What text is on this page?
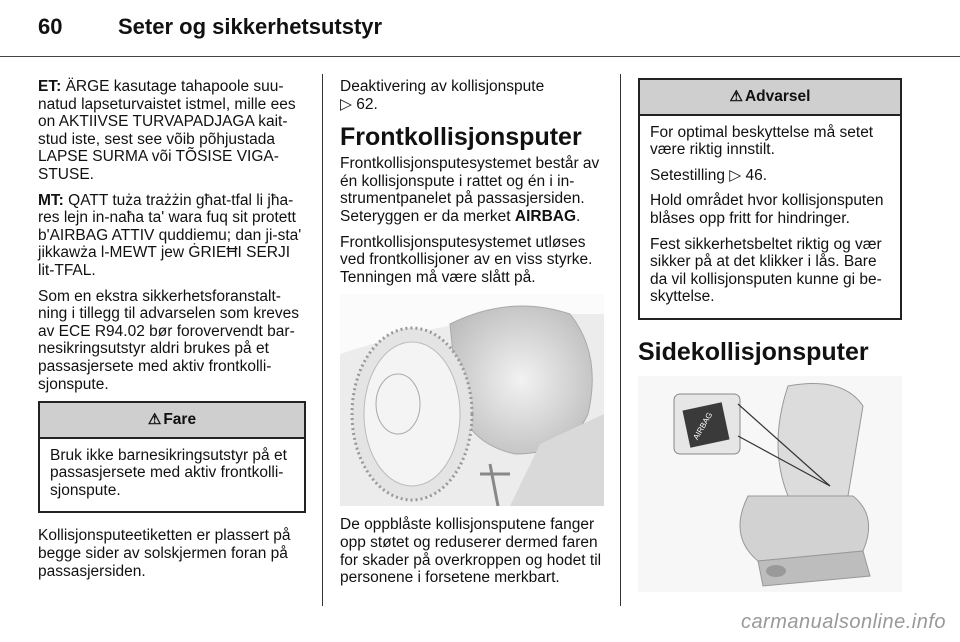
60	Seter og sikkerhetsutstyr

ET: ÄRGE kasutage tahapoole suu-natud lapseturvaistet istmel, mille ees on AKTIIVSE TURVAPADJAGA kait-stud iste, sest see võib põhjustada LAPSE SURMA või TÕSISE VIGA-STUSE.

MT: QATT tuża trażżin għat-tfal li jħa-res lejn in-naħa ta' wara fuq sit protett b'AIRBAG ATTIV quddiemu; dan ji-sta' jikkawża l-MEWT jew ĠRIEĦI SERJI lit-TFAL.

Som en ekstra sikkerhetsforanstalt-ning i tillegg til advarselen som kreves av ECE R94.02 bør forovervendt bar-nesikringsutstyr aldri brukes på et passasjersete med aktiv frontkolli-sjonspute.

⚠ Fare

Bruk ikke barnesikringsutstyr på et passasjersete med aktiv frontkolli-sjonspute.

Kollisjonsputeetiketten er plassert på begge sider av solskjermen foran på passasjersiden.

Deaktivering av kollisjonspute
▷ 62.

Frontkollisjonsputer

Frontkollisjonsputesystemet består av én kollisjonspute i rattet og én i in-strumentpanelet på passasjersiden. Seteryggen er da merket AIRBAG.

Frontkollisjonsputesystemet utløses ved frontkollisjoner av en viss styrke. Tenningen må være slått på.

De oppblåste kollisjonsputene fanger opp støtet og reduserer dermed faren for skader på overkroppen og hodet til personene i forsetene merkbart.

⚠ Advarsel

For optimal beskyttelse må setet være riktig innstilt.

Setestilling ▷ 46.

Hold området hvor kollisjonsputen blåses opp fritt for hindringer.

Fest sikkerhetsbeltet riktig og vær sikker på at det klikker i lås. Bare da vil kollisjonsputen kunne gi be-skyttelse.

Sidekollisjonsputer
AIRBAG
carmanualsonline.info
